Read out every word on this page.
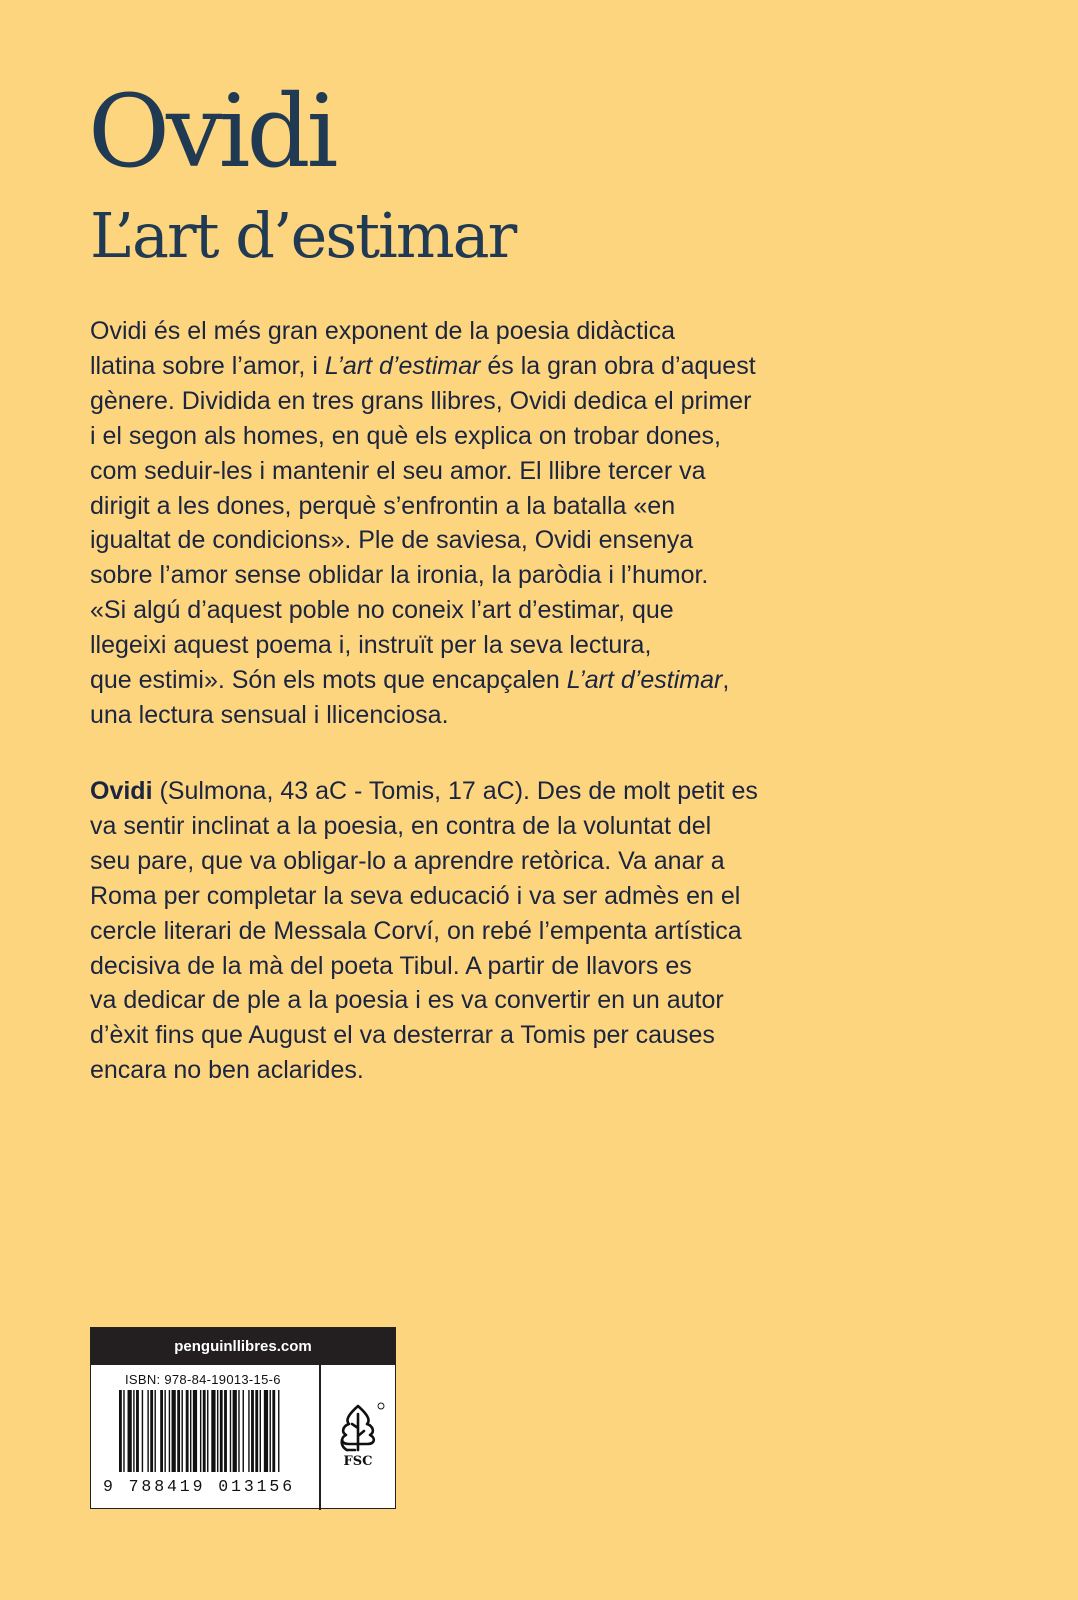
Ovidi
L’art d’estimar

Ovidi és el més gran exponent de la poesia didàctica
llatina sobre l’amor, i L’art d’estimar és la gran obra d’aquest
gènere. Dividida en tres grans llibres, Ovidi dedica el primer
i el segon als homes, en què els explica on trobar dones,
com seduir-les i mantenir el seu amor. El llibre tercer va
dirigit a les dones, perquè s’enfrontin a la batalla «en
igualtat de condicions». Ple de saviesa, Ovidi ensenya
sobre l’amor sense oblidar la ironia, la paròdia i l’humor.
«Si algú d’aquest poble no coneix l’art d’estimar, que
llegeixi aquest poema i, instruït per la seva lectura,
que estimi». Són els mots que encapçalen L’art d’estimar,
una lectura sensual i llicenciosa.

Ovidi (Sulmona, 43 aC - Tomis, 17 aC). Des de molt petit es
va sentir inclinat a la poesia, en contra de la voluntat del
seu pare, que va obligar-lo a aprendre retòrica. Va anar a
Roma per completar la seva educació i va ser admès en el
cercle literari de Messala Corví, on rebé l’empenta artística
decisiva de la mà del poeta Tibul. A partir de llavors es
va dedicar de ple a la poesia i es va convertir en un autor
d’èxit fins que August el va desterrar a Tomis per causes
encara no ben aclarides.

penguinllibres.com
ISBN: 978-84-19013-15-6
9 788419 013156
FSC
